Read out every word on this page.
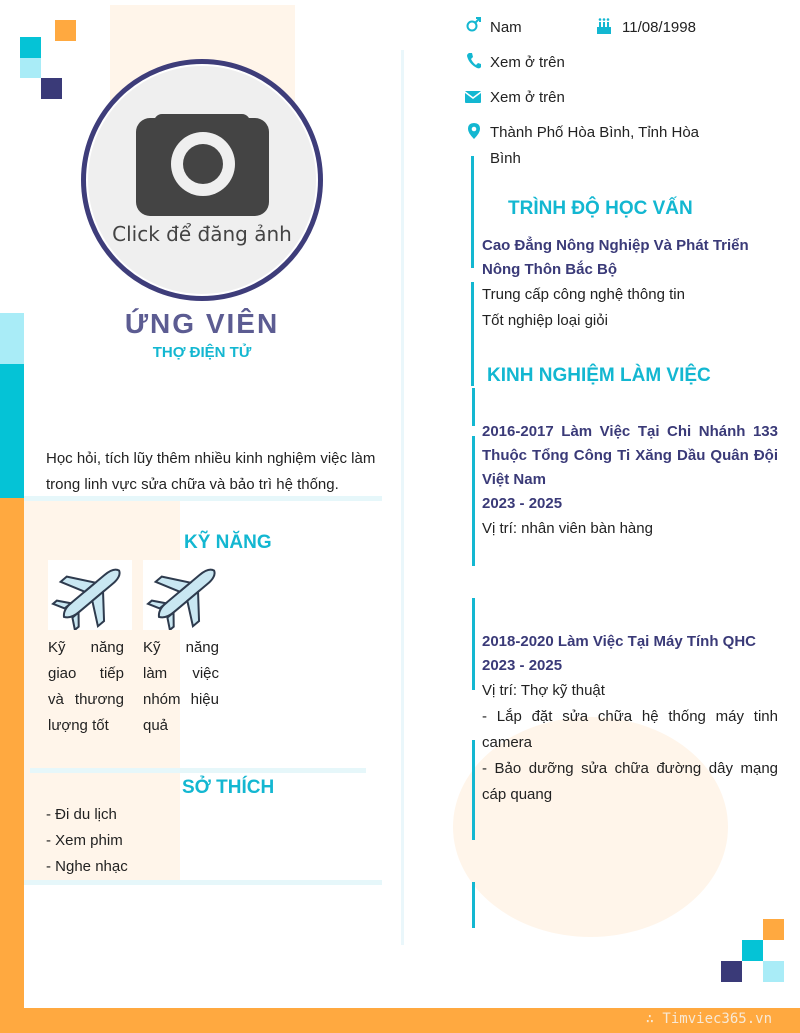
Click để đăng ảnh
ỨNG VIÊN
THỢ ĐIỆN TỬ
Học hỏi, tích lũy thêm nhiều kinh nghiệm việc làm trong linh vực sửa chữa và bảo trì hệ thống.
KỸ NĂNG
Kỹ năng giao tiếp và thương lượng tốt
Kỹ năng làm việc nhóm hiệu quả
SỞ THÍCH
- Đi du lịch
- Xem phim
- Nghe nhạc
Nam	11/08/1998
Xem ở trên
Xem ở trên
Thành Phố Hòa Bình, Tỉnh Hòa Bình
TRÌNH ĐỘ HỌC VẤN
Cao Đẳng Nông Nghiệp Và Phát Triển Nông Thôn Bắc Bộ
Trung cấp công nghệ thông tin
Tốt nghiệp loại giỏi
KINH NGHIỆM LÀM VIỆC
2016-2017 Làm Việc Tại Chi Nhánh 133 Thuộc Tổng Công Ti Xăng Dầu Quân Đội Việt Nam
2023 - 2025
Vị trí: nhân viên bàn hàng
2018-2020 Làm Việc Tại Máy Tính QHC
2023 - 2025
Vị trí: Thợ kỹ thuật
- Lắp đặt sửa chữa hệ thống máy tinh camera
- Bảo dưỡng sửa chữa đường dây mạng cáp quang
∴ Timviec365.vn
